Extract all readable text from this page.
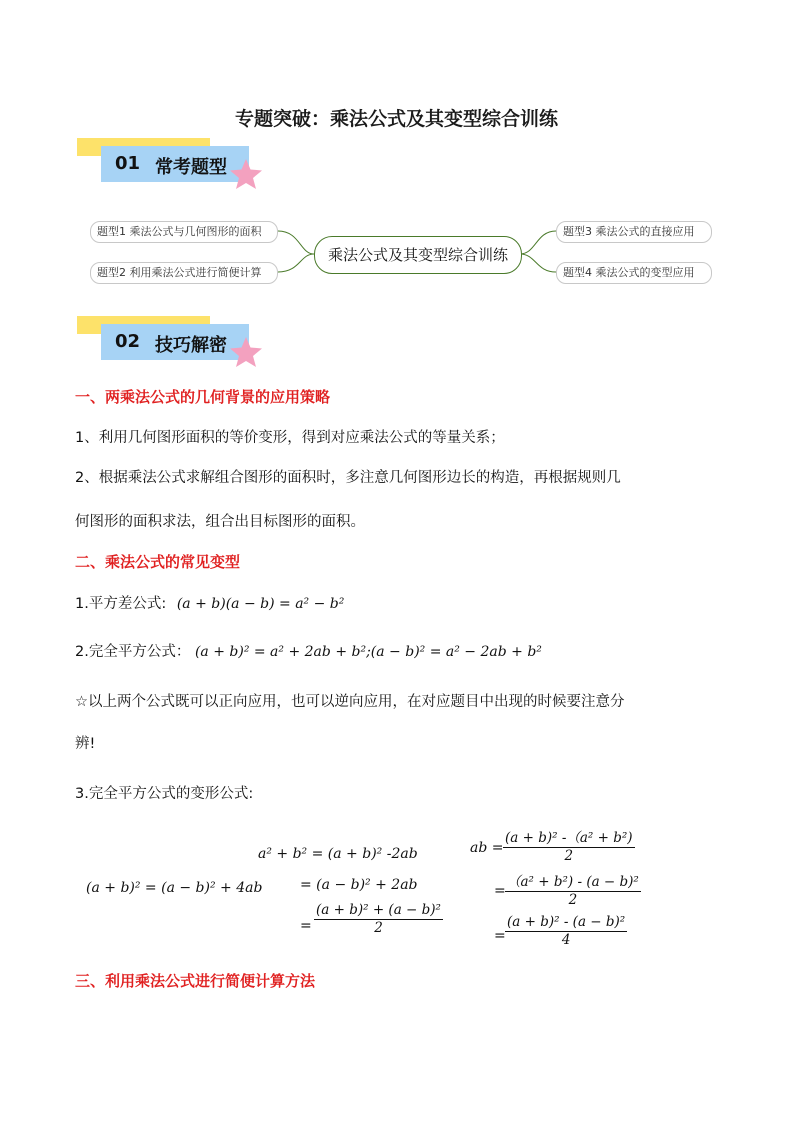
专题突破：乘法公式及其变型综合训练
01 常考题型
题型1 乘法公式与几何图形的面积
题型2 利用乘法公式进行简便计算
乘法公式及其变型综合训练
题型3 乘法公式的直接应用
题型4 乘法公式的变型应用
02 技巧解密
一、两乘法公式的几何背景的应用策略
1、利用几何图形面积的等价变形，得到对应乘法公式的等量关系；
2、根据乘法公式求解组合图形的面积时，多注意几何图形边长的构造，再根据规则几
何图形的面积求法，组合出目标图形的面积。
二、乘法公式的常见变型
1.平方差公式: (a + b)(a − b) = a² − b²
2.完全平方公式： (a + b)² = a² + 2ab + b²;(a − b)² = a² − 2ab + b²
☆以上两个公式既可以正向应用，也可以逆向应用，在对应题目中出现的时候要注意分
辨!
3.完全平方公式的变形公式:
(a + b)² = (a − b)² + 4ab
a² + b² = (a + b)² -2ab
= (a − b)² + 2ab
= $\frac{\text{(a + b)² + (a − b)²}}{2}$
ab = $\frac{\text{(a + b)² -（a² + b²)}}{2}$
= $\frac{\text{（a² + b²) - (a − b)²}}{2}$
= $\frac{\text{(a + b)² - (a − b)²}}{4}$
三、利用乘法公式进行简便计算方法
